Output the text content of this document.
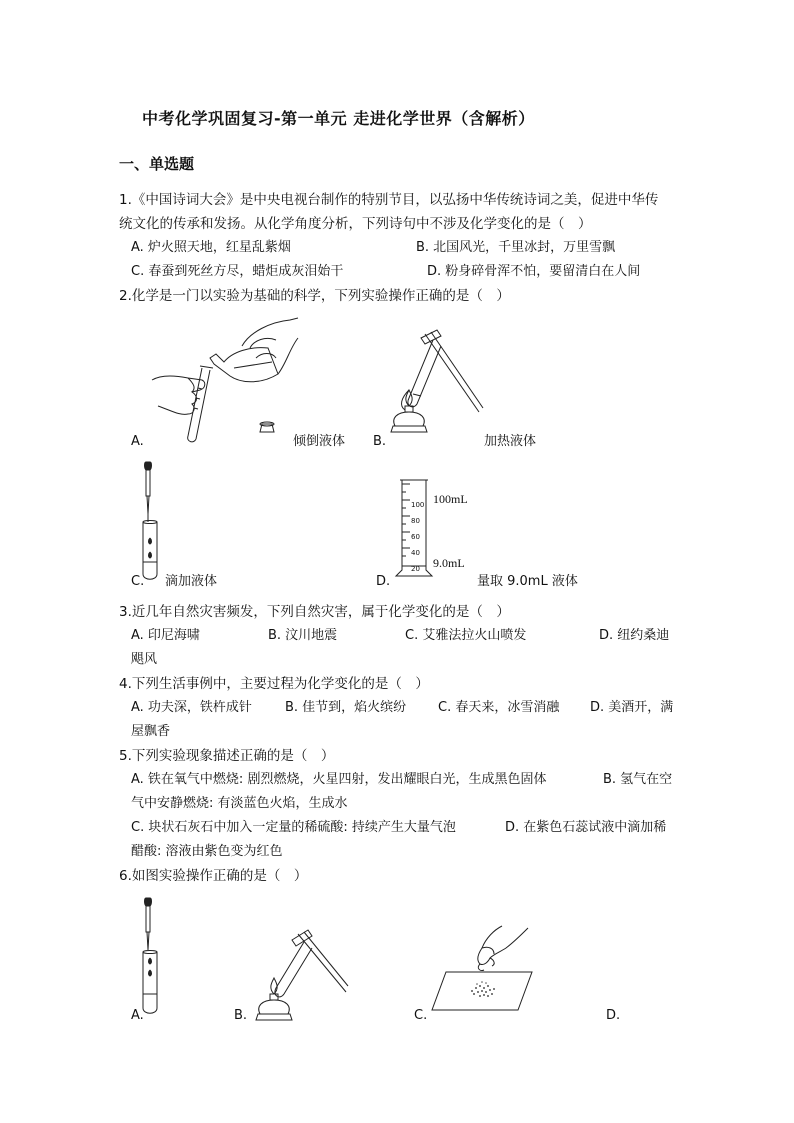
中考化学巩固复习-第一单元 走进化学世界（含解析）
一、单选题
1.《中国诗词大会》是中央电视台制作的特别节目，以弘扬中华传统诗词之美，促进中华传
统文化的传承和发扬。从化学角度分析，下列诗句中不涉及化学变化的是（　）
A. 炉火照天地，红星乱紫烟	B. 北国风光，千里冰封，万里雪飘
C. 春蚕到死丝方尽，蜡炬成灰泪始干	D. 粉身碎骨浑不怕，要留清白在人间
2.化学是一门以实验为基础的科学，下列实验操作正确的是（　）
A.	倾倒液体 B.	加热液体
C. 滴加液体
100
80
60
40
20
100mL
9.0mL
D.	量取 9.0mL 液体
3.近几年自然灾害频发，下列自然灾害，属于化学变化的是（　）
A. 印尼海啸	B. 汶川地震	C. 艾雅法拉火山喷发	D. 纽约桑迪
飓风
4.下列生活事例中，主要过程为化学变化的是（　）
A. 功夫深，铁杵成针	B. 佳节到，焰火缤纷 C. 春天来，冰雪消融 D. 美酒开，满
屋飘香
5.下列实验现象描述正确的是（　）
A. 铁在氧气中燃烧: 剧烈燃烧，火星四射，发出耀眼白光，生成黑色固体	B. 氢气在空
气中安静燃烧: 有淡蓝色火焰，生成水
C. 块状石灰石中加入一定量的稀硫酸: 持续产生大量气泡	D. 在紫色石蕊试液中滴加稀
醋酸: 溶液由紫色变为红色
6.如图实验操作正确的是（　）
A.	B.	C.	D.
